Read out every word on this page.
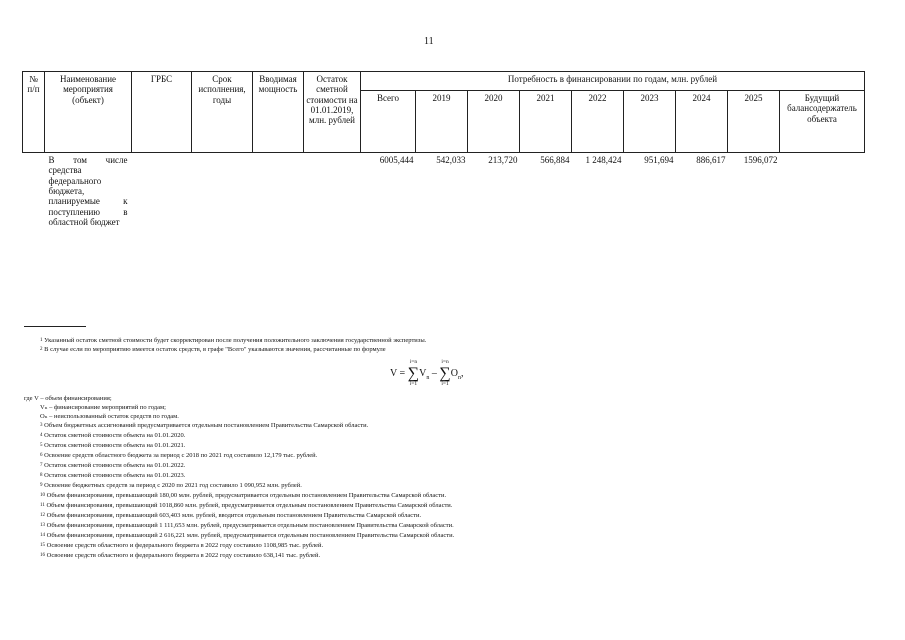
11
№ п/п	Наименование мероприятия (объект)	ГРБС	Срок исполнения, годы	Вводимая мощность	Остаток сметной стоимости на 01.01.2019, млн. рублей	Потребность в финансировании по годам, млн. рублей								
						Всего	2019	2020	2021	2022	2023	2024	2025	Будущий балансодержатель объекта
	В том числе средства федерального бюджета, планируемые к поступлению в областной бюджет					6005,444	542,033	213,720	566,884	1 248,424	951,694	886,617	1596,072	
$^1$ Указанный остаток сметной стоимости будет скорректирован после получения положительного заключения государственной экспертизы.
$^2$ В случае если по мероприятию имеется остаток средств, в графе "Всего" указываются значения, рассчитанные по формуле
V = i=n
∑
$i=1V_n - i=n$
∑
$i=1O_n$,
где V – объем финансирования;
Vₙ – финансирование мероприятий по годам;
Oₙ – неиспользованный остаток средств по годам.
$^3$ Объем бюджетных ассигнований предусматривается отдельным постановлением Правительства Самарской области.
$^4$ Остаток сметной стоимости объекта на 01.01.2020.
$^5$ Остаток сметной стоимости объекта на 01.01.2021.
$^6$ Освоение средств областного бюджета за период с 2018 по 2021 год составило 12,179 тыс. рублей.
$^7$ Остаток сметной стоимости объекта на 01.01.2022.
$^8$ Остаток сметной стоимости объекта на 01.01.2023.
$^9$ Освоение бюджетных средств за период с 2020 по 2021 год составило 1 090,952 млн. рублей.
$^{10}$ Объем финансирования, превышающий 180,00 млн. рублей, предусматривается отдельным постановлением Правительства Самарской области.
$^{11}$ Объем финансирования, превышающий 1018,860 млн. рублей, предусматривается отдельным постановлением Правительства Самарской области.
$^{12}$ Объем финансирования, превышающий 603,403 млн. рублей, вводится отдельным постановлением Правительства Самарской области.
$^{13}$ Объем финансирования, превышающий 1 111,653 млн. рублей, предусматривается отдельным постановлением Правительства Самарской области.
$^{14}$ Объем финансирования, превышающий 2 616,221 млн. рублей, предусматривается отдельным постановлением Правительства Самарской области.
$^{15}$ Освоение средств областного и федерального бюджета в 2022 году составило 1108,985 тыс. рублей.
$^{16}$ Освоение средств областного и федерального бюджета в 2022 году составило 638,141 тыс. рублей.
